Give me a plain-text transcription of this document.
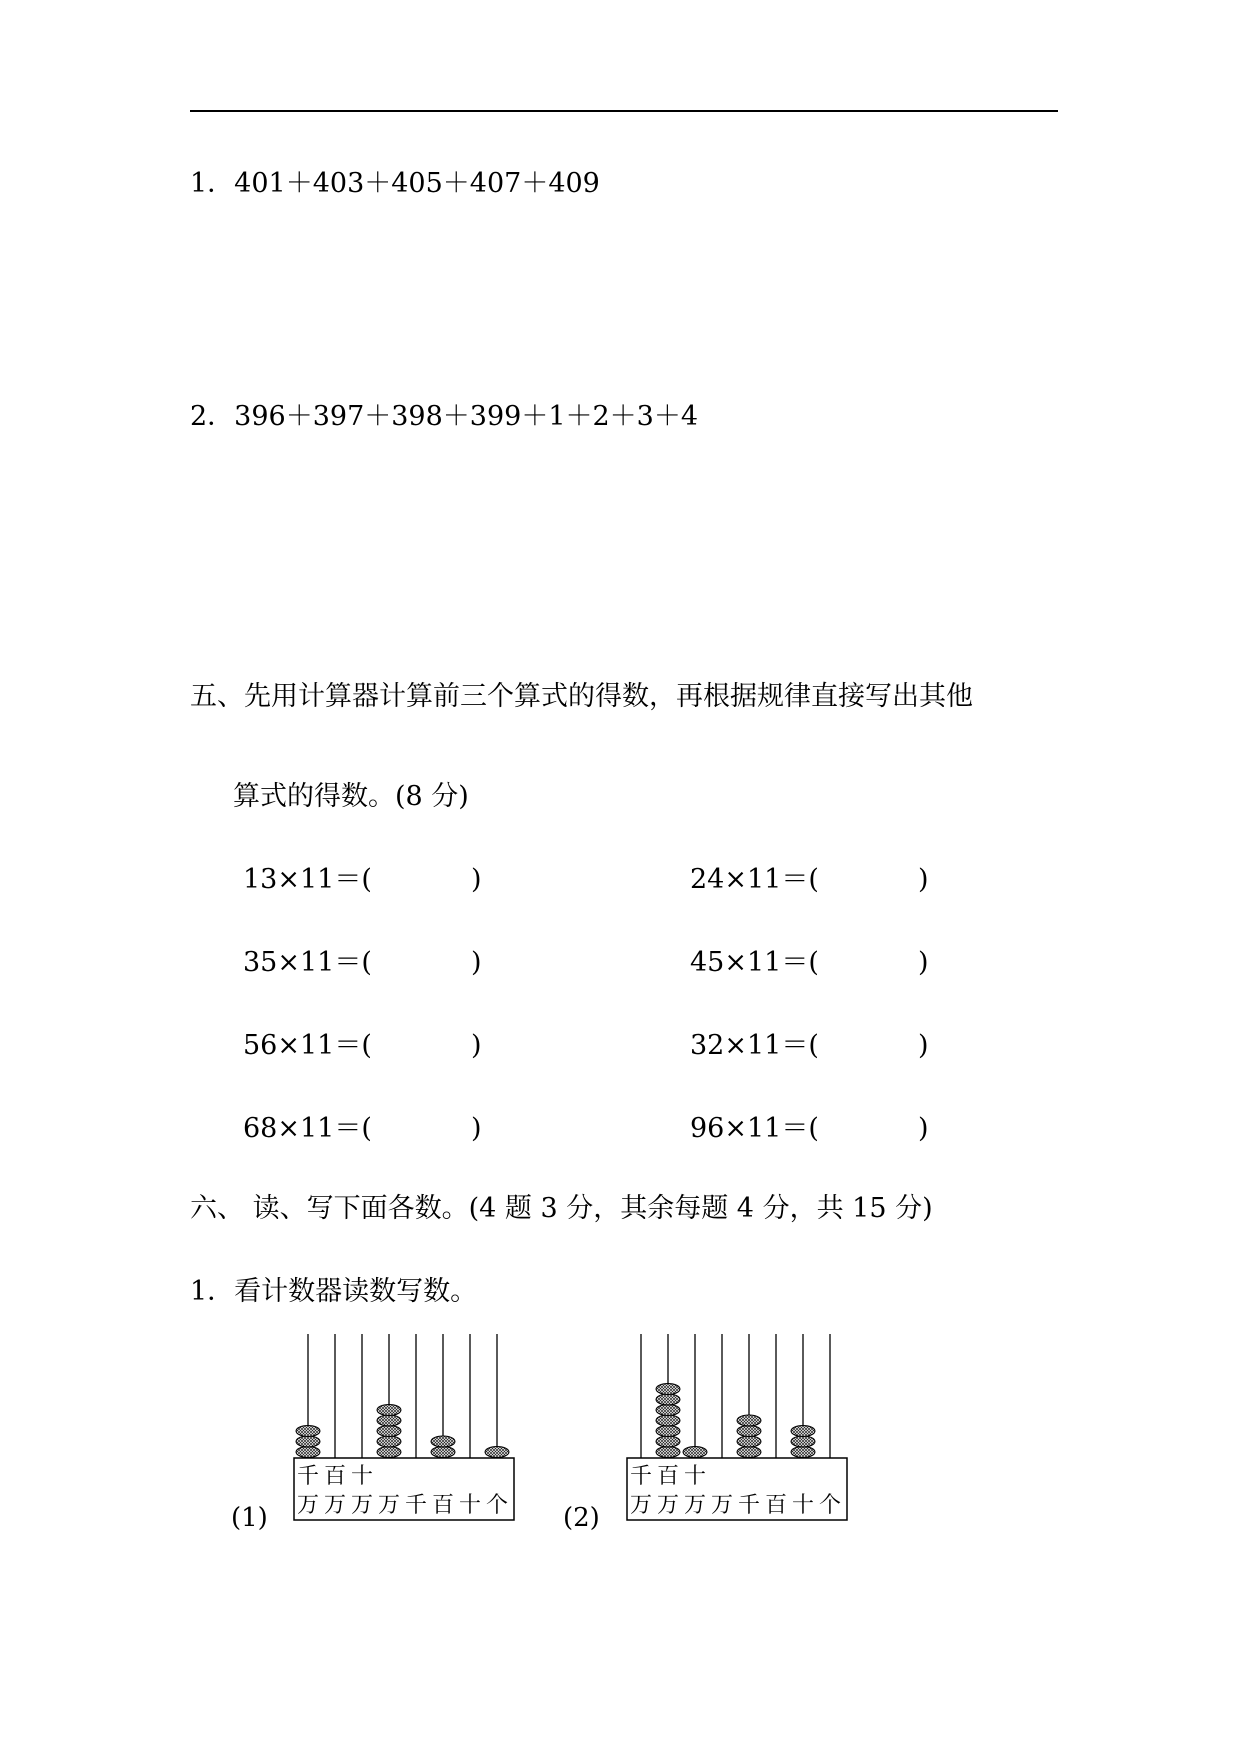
1．401＋403＋405＋407＋409
2．396＋397＋398＋399＋1＋2＋3＋4
五、先用计算器计算前三个算式的得数，再根据规律直接写出其他
算式的得数。(8 分)
13×11＝(	)	24×11＝(	)
35×11＝(	)	45×11＝(	)
56×11＝(	)	32×11＝(	)
68×11＝(	)	96×11＝(	)
六、 读、写下面各数。(4 题 3 分，其余每题 4 分，共 15 分)
1．看计数器读数写数。
(1)
千 百 十
万 万 万 万 千 百 十 个 (2)
千 百 十
万 万 万 万 千 百 十 个
